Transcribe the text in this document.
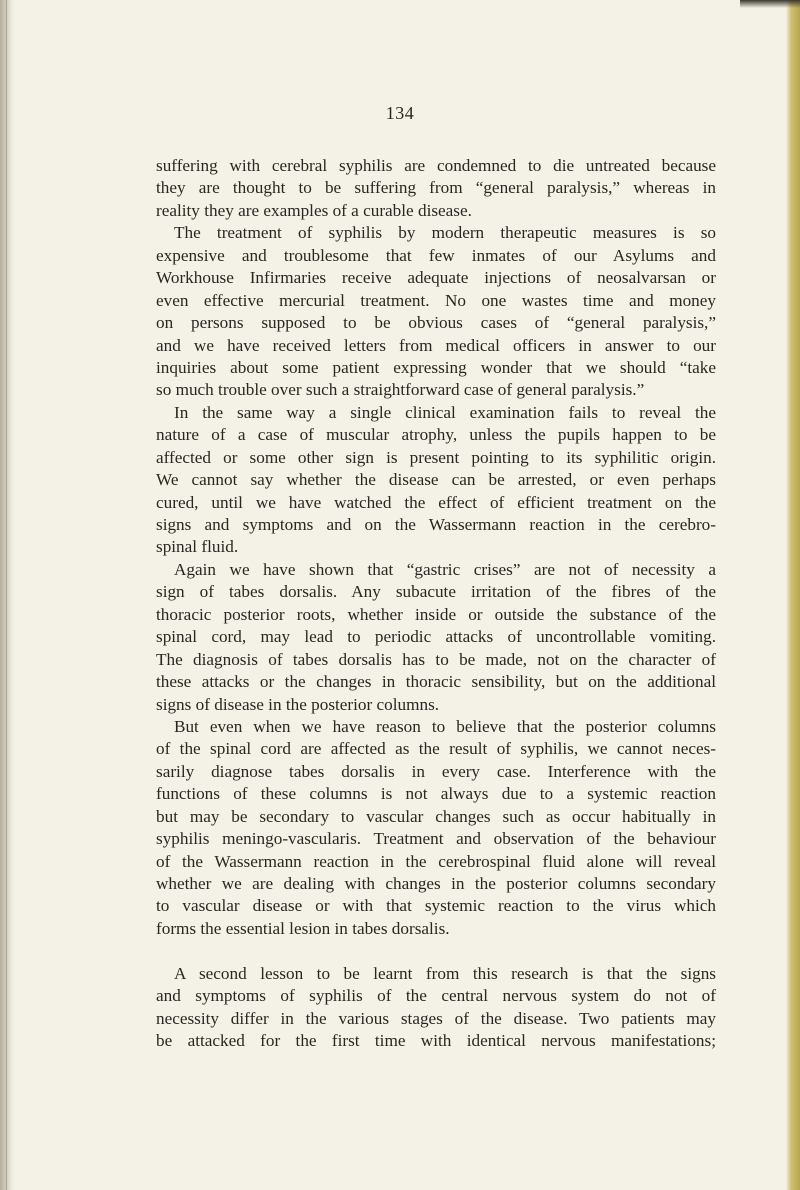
134
suffering with cerebral syphilis are condemned to die untreated because
they are thought to be suffering from “general paralysis,” whereas in
reality they are examples of a curable disease.
The treatment of syphilis by modern therapeutic measures is so
expensive and troublesome that few inmates of our Asylums and
Workhouse Infirmaries receive adequate injections of neosalvarsan or
even effective mercurial treatment. No one wastes time and money
on persons supposed to be obvious cases of “general paralysis,”
and we have received letters from medical officers in answer to our
inquiries about some patient expressing wonder that we should “take
so much trouble over such a straightforward case of general paralysis.”
In the same way a single clinical examination fails to reveal the
nature of a case of muscular atrophy, unless the pupils happen to be
affected or some other sign is present pointing to its syphilitic origin.
We cannot say whether the disease can be arrested, or even perhaps
cured, until we have watched the effect of efficient treatment on the
signs and symptoms and on the Wassermann reaction in the cerebro-
spinal fluid.
Again we have shown that “gastric crises” are not of necessity a
sign of tabes dorsalis. Any subacute irritation of the fibres of the
thoracic posterior roots, whether inside or outside the substance of the
spinal cord, may lead to periodic attacks of uncontrollable vomiting.
The diagnosis of tabes dorsalis has to be made, not on the character of
these attacks or the changes in thoracic sensibility, but on the additional
signs of disease in the posterior columns.
But even when we have reason to believe that the posterior columns
of the spinal cord are affected as the result of syphilis, we cannot neces-
sarily diagnose tabes dorsalis in every case. Interference with the
functions of these columns is not always due to a systemic reaction
but may be secondary to vascular changes such as occur habitually in
syphilis meningo-vascularis. Treatment and observation of the behaviour
of the Wassermann reaction in the cerebrospinal fluid alone will reveal
whether we are dealing with changes in the posterior columns secondary
to vascular disease or with that systemic reaction to the virus which
forms the essential lesion in tabes dorsalis.
A second lesson to be learnt from this research is that the signs
and symptoms of syphilis of the central nervous system do not of
necessity differ in the various stages of the disease. Two patients may
be attacked for the first time with identical nervous manifestations;
